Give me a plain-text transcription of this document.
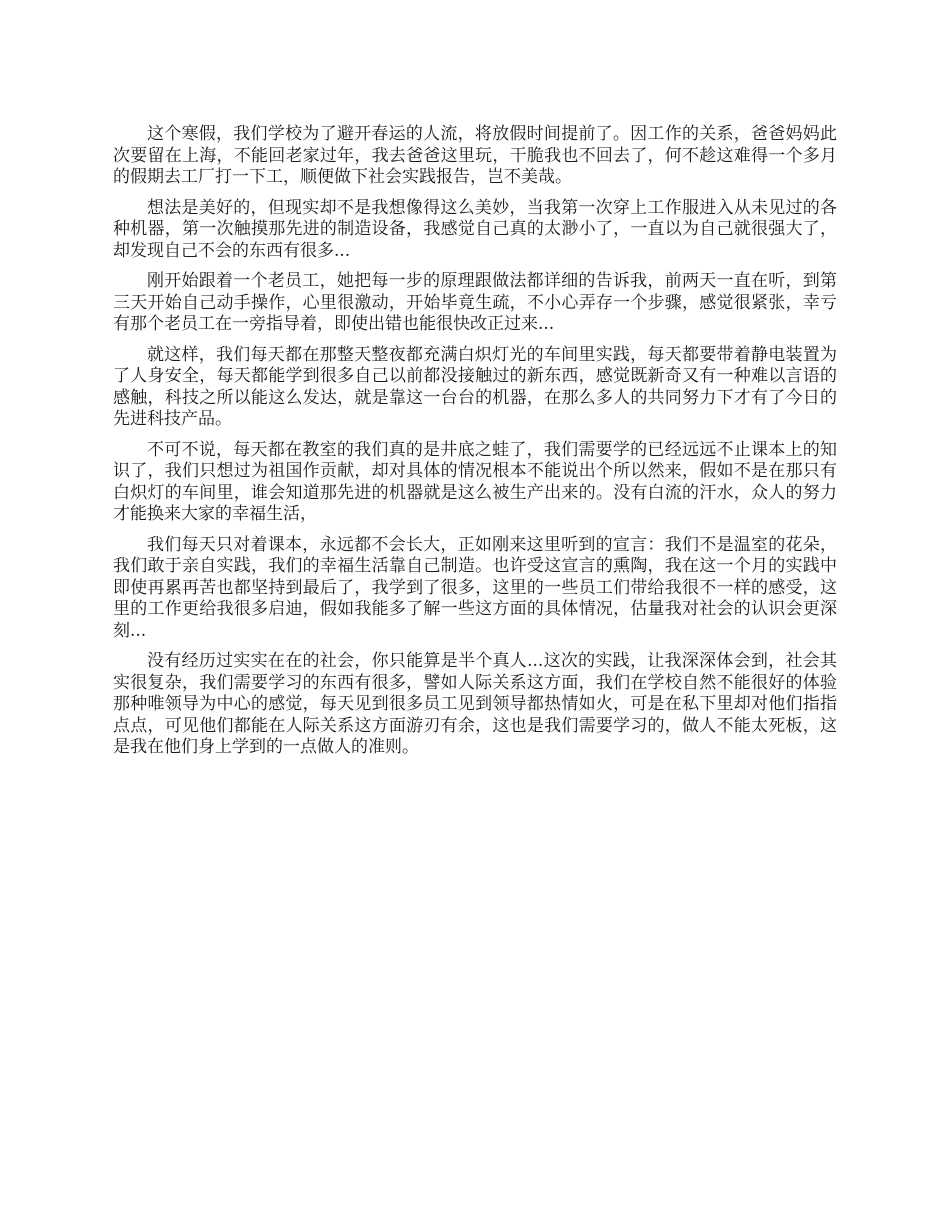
这个寒假，我们学校为了避开春运的人流，将放假时间提前了。因工作的关系，爸爸妈妈此次要留在上海，不能回老家过年，我去爸爸这里玩，干脆我也不回去了，何不趁这难得一个多月的假期去工厂打一下工，顺便做下社会实践报告，岂不美哉。

想法是美好的，但现实却不是我想像得这么美妙，当我第一次穿上工作服进入从未见过的各种机器，第一次触摸那先进的制造设备，我感觉自己真的太渺小了，一直以为自己就很强大了，却发现自己不会的东西有很多...

刚开始跟着一个老员工，她把每一步的原理跟做法都详细的告诉我，前两天一直在听，到第三天开始自己动手操作，心里很激动，开始毕竟生疏，不小心弄存一个步骤，感觉很紧张，幸亏有那个老员工在一旁指导着，即使出错也能很快改正过来...

就这样，我们每天都在那整天整夜都充满白炽灯光的车间里实践，每天都要带着静电装置为了人身安全，每天都能学到很多自己以前都没接触过的新东西，感觉既新奇又有一种难以言语的感触，科技之所以能这么发达，就是靠这一台台的机器，在那么多人的共同努力下才有了今日的先进科技产品。

不可不说，每天都在教室的我们真的是井底之蛙了，我们需要学的已经远远不止课本上的知识了，我们只想过为祖国作贡献，却对具体的情况根本不能说出个所以然来，假如不是在那只有白炽灯的车间里，谁会知道那先进的机器就是这么被生产出来的。没有白流的汗水，众人的努力才能换来大家的幸福生活，

我们每天只对着课本，永远都不会长大，正如刚来这里听到的宣言：我们不是温室的花朵，我们敢于亲自实践，我们的幸福生活靠自己制造。也许受这宣言的熏陶，我在这一个月的实践中即使再累再苦也都坚持到最后了，我学到了很多，这里的一些员工们带给我很不一样的感受，这里的工作更给我很多启迪，假如我能多了解一些这方面的具体情况，估量我对社会的认识会更深刻...

没有经历过实实在在的社会，你只能算是半个真人...这次的实践，让我深深体会到，社会其实很复杂，我们需要学习的东西有很多，譬如人际关系这方面，我们在学校自然不能很好的体验那种唯领导为中心的感觉，每天见到很多员工见到领导都热情如火，可是在私下里却对他们指指点点，可见他们都能在人际关系这方面游刃有余，这也是我们需要学习的，做人不能太死板，这是我在他们身上学到的一点做人的准则。
